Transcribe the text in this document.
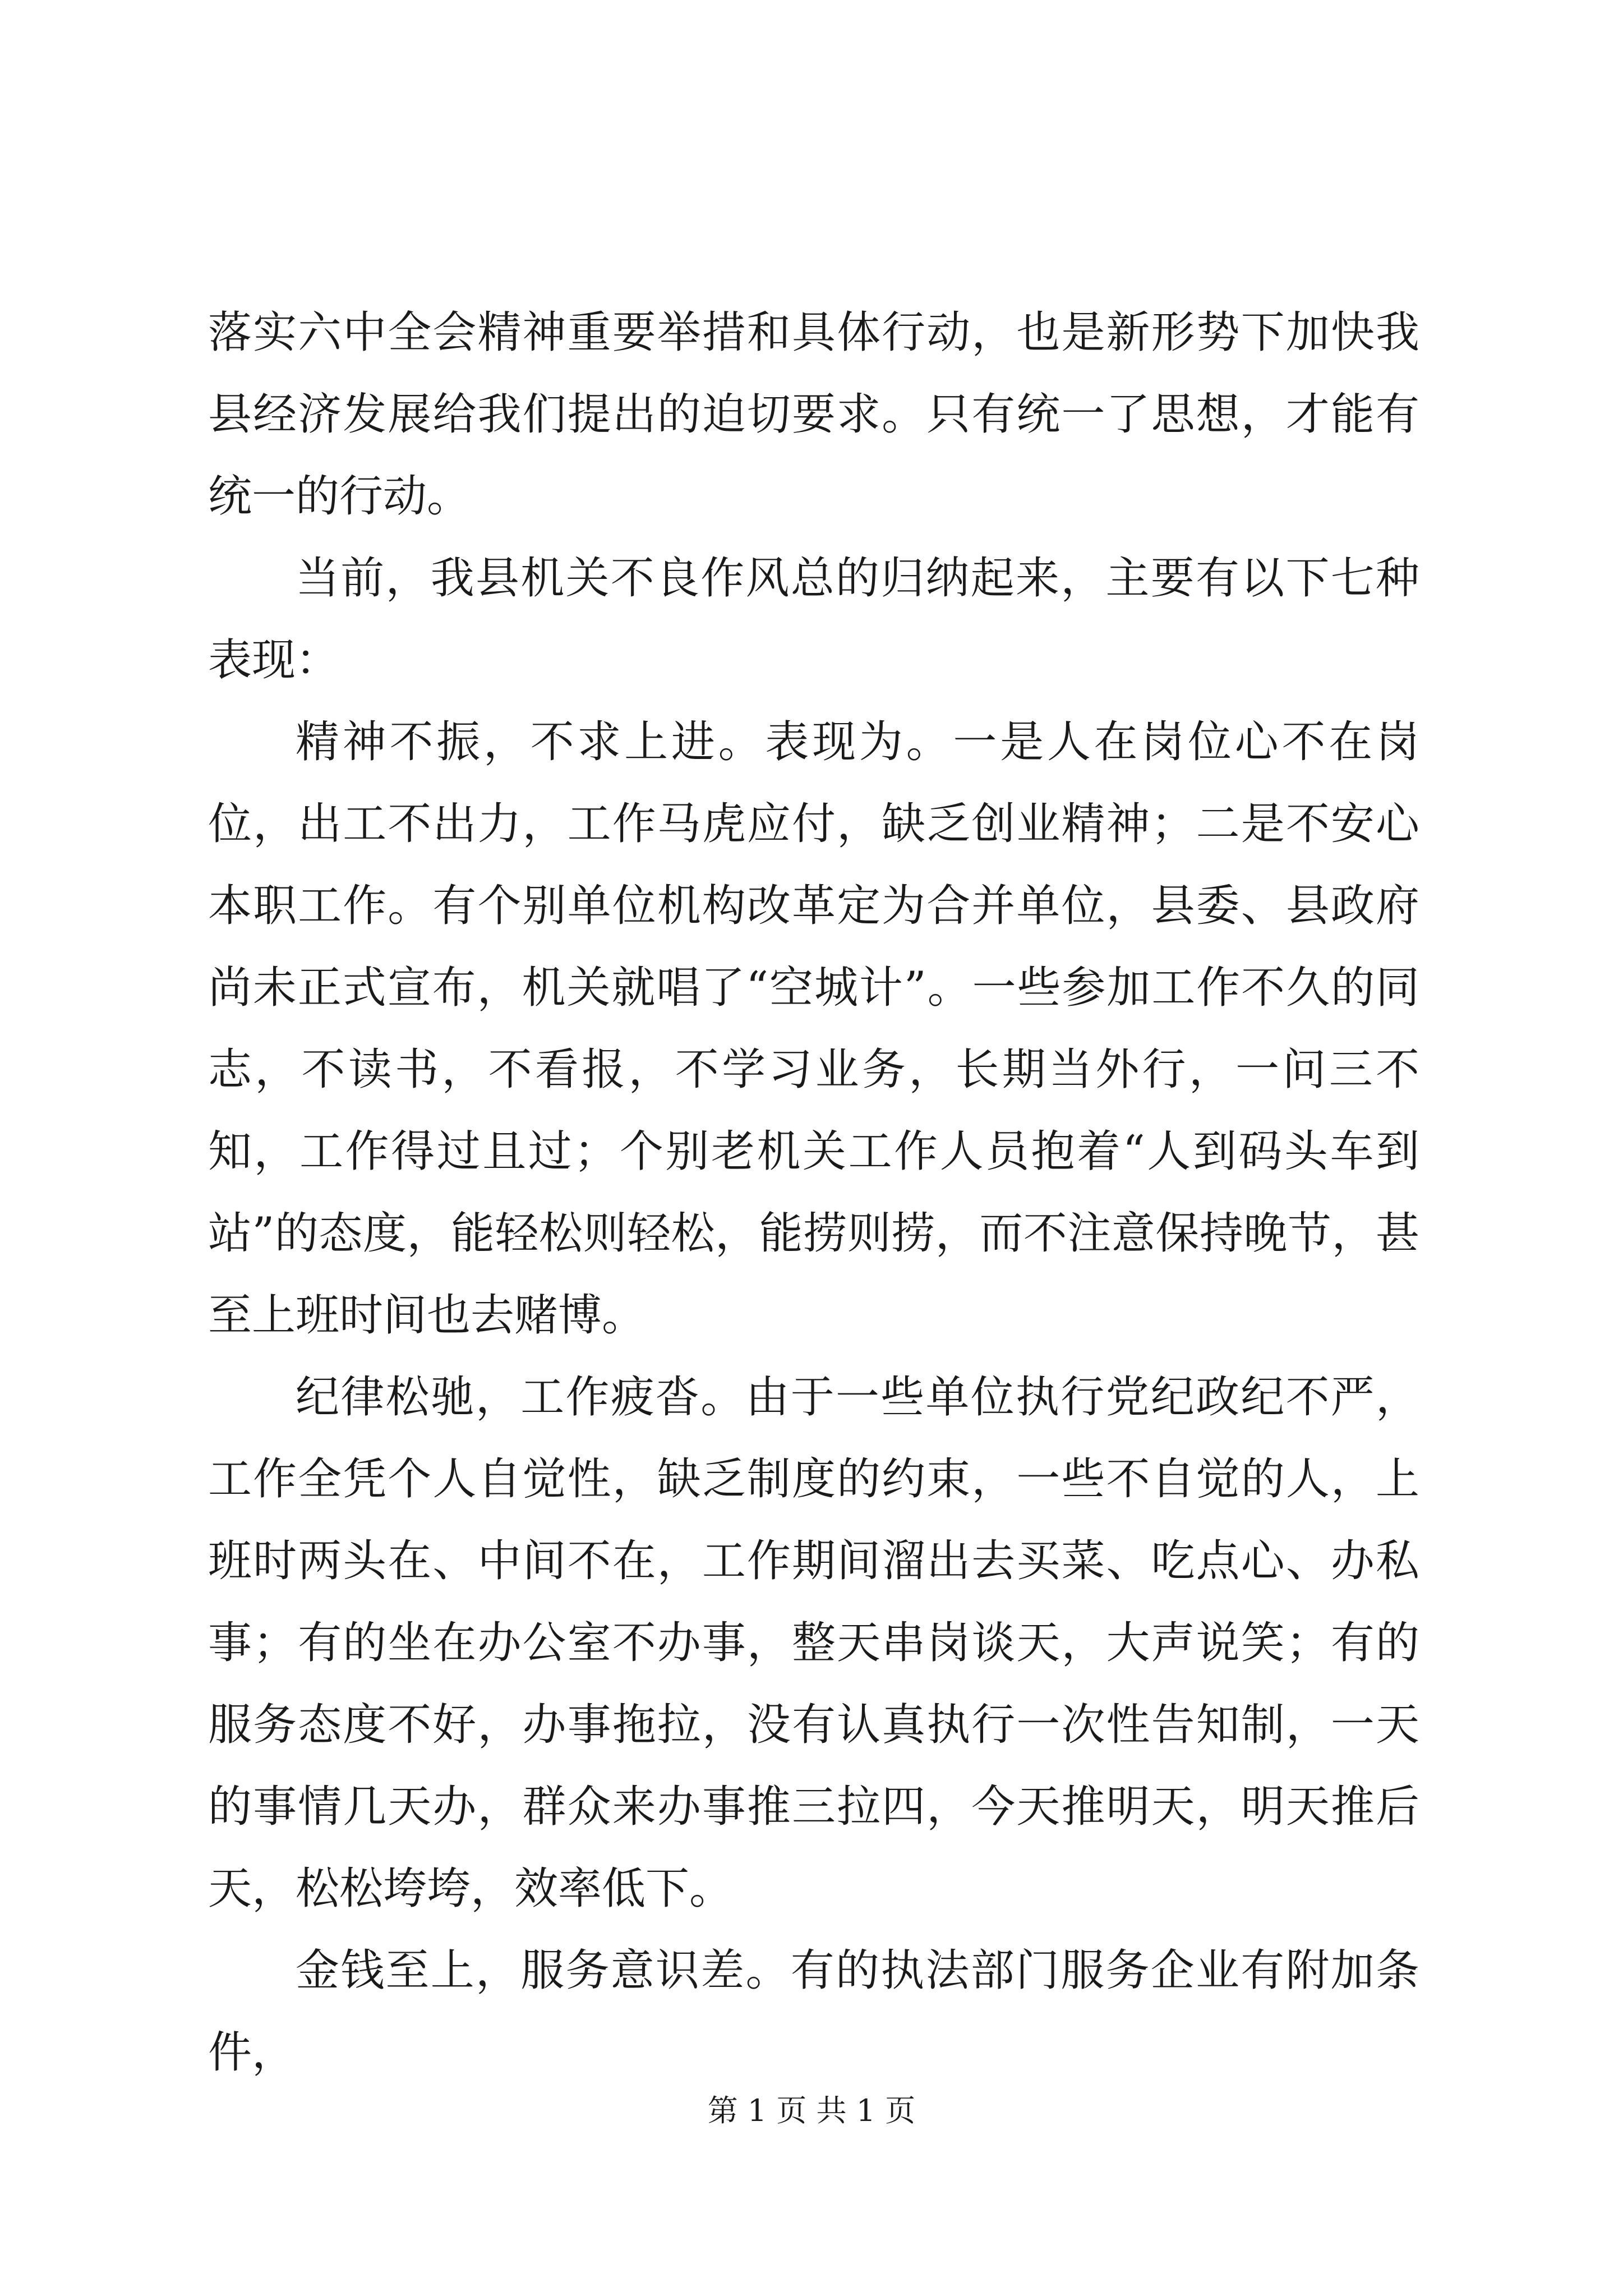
落实六中全会精神重要举措和具体行动，也是新形势下加快我县经济发展给我们提出的迫切要求。只有统一了思想，才能有统一的行动。

当前，我县机关不良作风总的归纳起来，主要有以下七种表现：

精神不振，不求上进。表现为。一是人在岗位心不在岗位，出工不出力，工作马虎应付，缺乏创业精神；二是不安心本职工作。有个别单位机构改革定为合并单位，县委、县政府尚未正式宣布，机关就唱了“空城计”。一些参加工作不久的同志，不读书，不看报，不学习业务，长期当外行，一问三不知，工作得过且过；个别老机关工作人员抱着“人到码头车到站”的态度，能轻松则轻松，能捞则捞，而不注意保持晚节，甚至上班时间也去赌博。

纪律松驰，工作疲沓。由于一些单位执行党纪政纪不严，工作全凭个人自觉性，缺乏制度的约束，一些不自觉的人，上班时两头在、中间不在，工作期间溜出去买菜、吃点心、办私事；有的坐在办公室不办事，整天串岗谈天，大声说笑；有的服务态度不好，办事拖拉，没有认真执行一次性告知制，一天的事情几天办，群众来办事推三拉四，今天推明天，明天推后天，松松垮垮，效率低下。

金钱至上，服务意识差。有的执法部门服务企业有附加条件，

第 1 页 共 1 页
